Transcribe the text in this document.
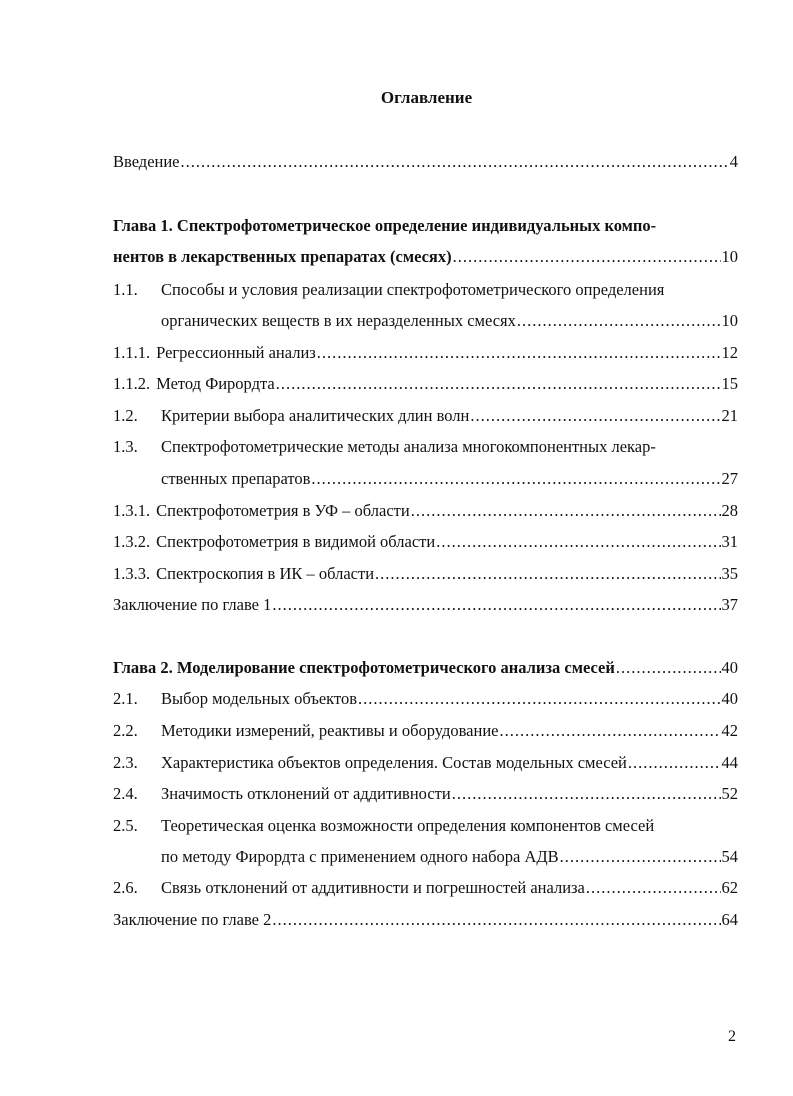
Оглавление
Введение .....	4
Глава 1. Спектрофотометрическое определение индивидуальных компо-
нентов в лекарственных препаратах (смесях) .....	10
1.1.	Способы и условия реализации спектрофотометрического определения
органических веществ в их неразделенных смесях .....	10
1.1.1. Регрессионный анализ .....	12
1.1.2. Метод Фирордта .....	15
1.2.	Критерии выбора аналитических длин волн .....	21
1.3.	Спектрофотометрические методы анализа многокомпонентных лекар-
ственных препаратов .....	27
1.3.1. Спектрофотометрия в УФ – области .....	28
1.3.2. Спектрофотометрия в видимой области .....	31
1.3.3. Спектроскопия в ИК – области .....	35
Заключение по главе 1 .....	37
Глава 2. Моделирование спектрофотометрического анализа смесей .....	40
2.1.	Выбор модельных объектов .....	40
2.2.	Методики измерений, реактивы и оборудование .....	42
2.3.	Характеристика объектов определения. Состав модельных смесей .....	44
2.4.	Значимость отклонений от аддитивности .....	52
2.5.	Теоретическая оценка возможности определения компонентов смесей
по методу Фирордта с применением одного набора АДВ .....	54
2.6.	Связь отклонений от аддитивности и погрешностей анализа .....	62
Заключение по главе 2 .....	64
2
